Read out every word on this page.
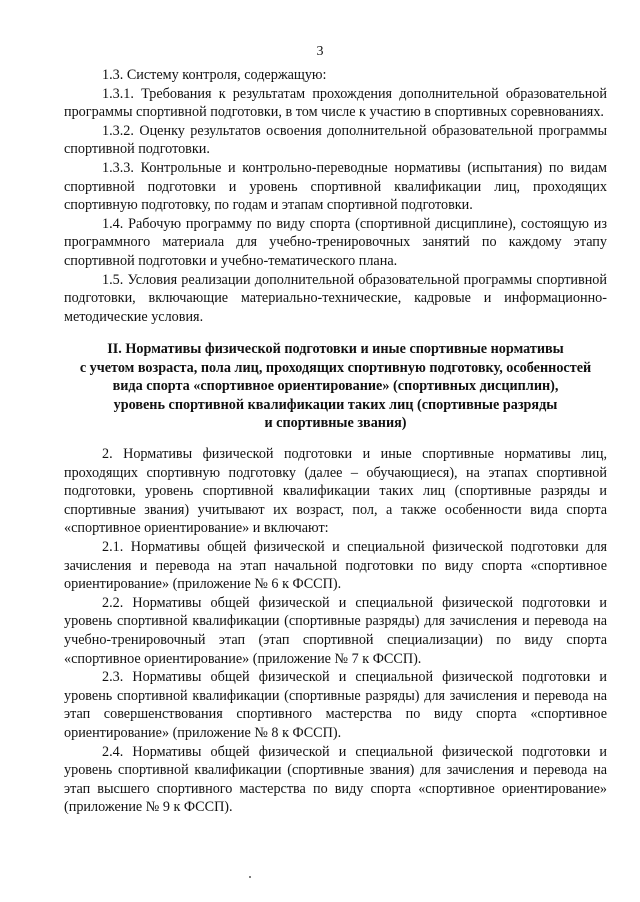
3

1.3. Систему контроля, содержащую:

1.3.1. Требования к результатам прохождения дополнительной образовательной программы спортивной подготовки, в том числе к участию в спортивных соревнованиях.

1.3.2. Оценку результатов освоения дополнительной образовательной программы спортивной подготовки.

1.3.3. Контрольные и контрольно-переводные нормативы (испытания) по видам спортивной подготовки и уровень спортивной квалификации лиц, проходящих спортивную подготовку, по годам и этапам спортивной подготовки.

1.4. Рабочую программу по виду спорта (спортивной дисциплине), состоящую из программного материала для учебно-тренировочных занятий по каждому этапу спортивной подготовки и учебно-тематического плана.

1.5. Условия реализации дополнительной образовательной программы спортивной подготовки, включающие материально-технические, кадровые и информационно-методические условия.

II. Нормативы физической подготовки и иные спортивные нормативы
с учетом возраста, пола лиц, проходящих спортивную подготовку, особенностей
вида спорта «спортивное ориентирование» (спортивных дисциплин),
уровень спортивной квалификации таких лиц (спортивные разряды
и спортивные звания)

2. Нормативы физической подготовки и иные спортивные нормативы лиц, проходящих спортивную подготовку (далее – обучающиеся), на этапах спортивной подготовки, уровень спортивной квалификации таких лиц (спортивные разряды и спортивные звания) учитывают их возраст, пол, а также особенности вида спорта «спортивное ориентирование» и включают:

2.1. Нормативы общей физической и специальной физической подготовки для зачисления и перевода на этап начальной подготовки по виду спорта «спортивное ориентирование» (приложение № 6 к ФССП).

2.2. Нормативы общей физической и специальной физической подготовки и уровень спортивной квалификации (спортивные разряды) для зачисления и перевода на учебно-тренировочный этап (этап спортивной специализации) по виду спорта «спортивное ориентирование» (приложение № 7 к ФССП).

2.3. Нормативы общей физической и специальной физической подготовки и уровень спортивной квалификации (спортивные разряды) для зачисления и перевода на этап совершенствования спортивного мастерства по виду спорта «спортивное ориентирование» (приложение № 8 к ФССП).

2.4. Нормативы общей физической и специальной физической подготовки и уровень спортивной квалификации (спортивные звания) для зачисления и перевода на этап высшего спортивного мастерства по виду спорта «спортивное ориентирование» (приложение № 9 к ФССП).
